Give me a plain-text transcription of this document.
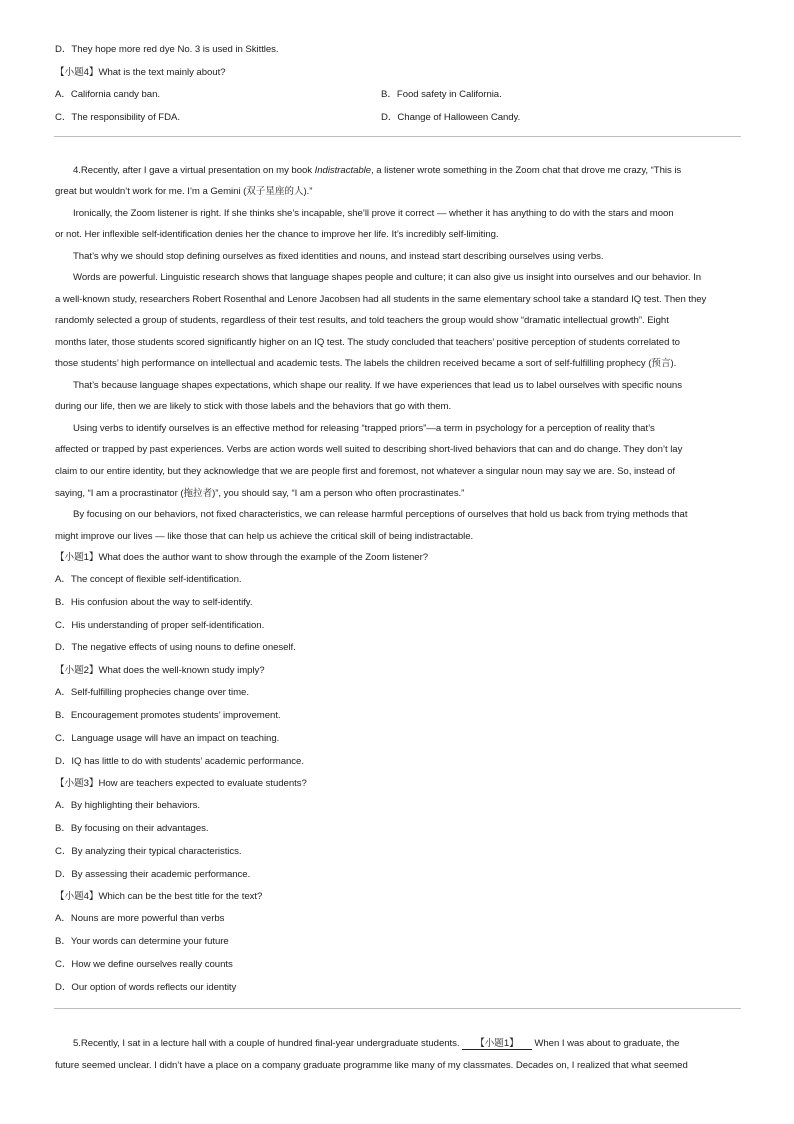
D．They hope more red dye No. 3 is used in Skittles.
【小题4】What is the text mainly about?
A．California candy ban.	B．Food safety in California.
C．The responsibility of FDA.	D．Change of Halloween Candy.
4.Recently, after I gave a virtual presentation on my book Indistractable, a listener wrote something in the Zoom chat that drove me crazy, “This is
great but wouldn’t work for me. I’m a Gemini (双子星座的人).”
Ironically, the Zoom listener is right. If she thinks she’s incapable, she’ll prove it correct — whether it has anything to do with the stars and moon
or not. Her inflexible self-identification denies her the chance to improve her life. It’s incredibly self-limiting.
That’s why we should stop defining ourselves as fixed identities and nouns, and instead start describing ourselves using verbs.
Words are powerful. Linguistic research shows that language shapes people and culture; it can also give us insight into ourselves and our behavior. In
a well-known study, researchers Robert Rosenthal and Lenore Jacobsen had all students in the same elementary school take a standard IQ test. Then they
randomly selected a group of students, regardless of their test results, and told teachers the group would show “dramatic intellectual growth”. Eight
months later, those students scored significantly higher on an IQ test. The study concluded that teachers’ positive perception of students correlated to
those students’ high performance on intellectual and academic tests. The labels the children received became a sort of self-fulfilling prophecy (预言).
That’s because language shapes expectations, which shape our reality. If we have experiences that lead us to label ourselves with specific nouns
during our life, then we are likely to stick with those labels and the behaviors that go with them.
Using verbs to identify ourselves is an effective method for releasing “trapped priors”—a term in psychology for a perception of reality that’s
affected or trapped by past experiences. Verbs are action words well suited to describing short-lived behaviors that can and do change. They don’t lay
claim to our entire identity, but they acknowledge that we are people first and foremost, not whatever a singular noun may say we are. So, instead of
saying, “I am a procrastinator (拖拉者)”, you should say, “I am a person who often procrastinates.”
By focusing on our behaviors, not fixed characteristics, we can release harmful perceptions of ourselves that hold us back from trying methods that
might improve our lives — like those that can help us achieve the critical skill of being indistractable.
【小题1】What does the author want to show through the example of the Zoom listener?
A．The concept of flexible self-identification.
B．His confusion about the way to self-identify.
C．His understanding of proper self-identification.
D．The negative effects of using nouns to define oneself.
【小题2】What does the well-known study imply?
A．Self-fulfilling prophecies change over time.
B．Encouragement promotes students’ improvement.
C．Language usage will have an impact on teaching.
D．IQ has little to do with students’ academic performance.
【小题3】How are teachers expected to evaluate students?
A．By highlighting their behaviors.
B．By focusing on their advantages.
C．By analyzing their typical characteristics.
D．By assessing their academic performance.
【小题4】Which can be the best title for the text?
A．Nouns are more powerful than verbs
B．Your words can determine your future
C．How we define ourselves really counts
D．Our option of words reflects our identity
5.Recently, I sat in a lecture hall with a couple of hundred final-year undergraduate students.      【小题1】      When I was about to graduate, the
future seemed unclear. I didn’t have a place on a company graduate programme like many of my classmates. Decades on, I realized that what seemed
